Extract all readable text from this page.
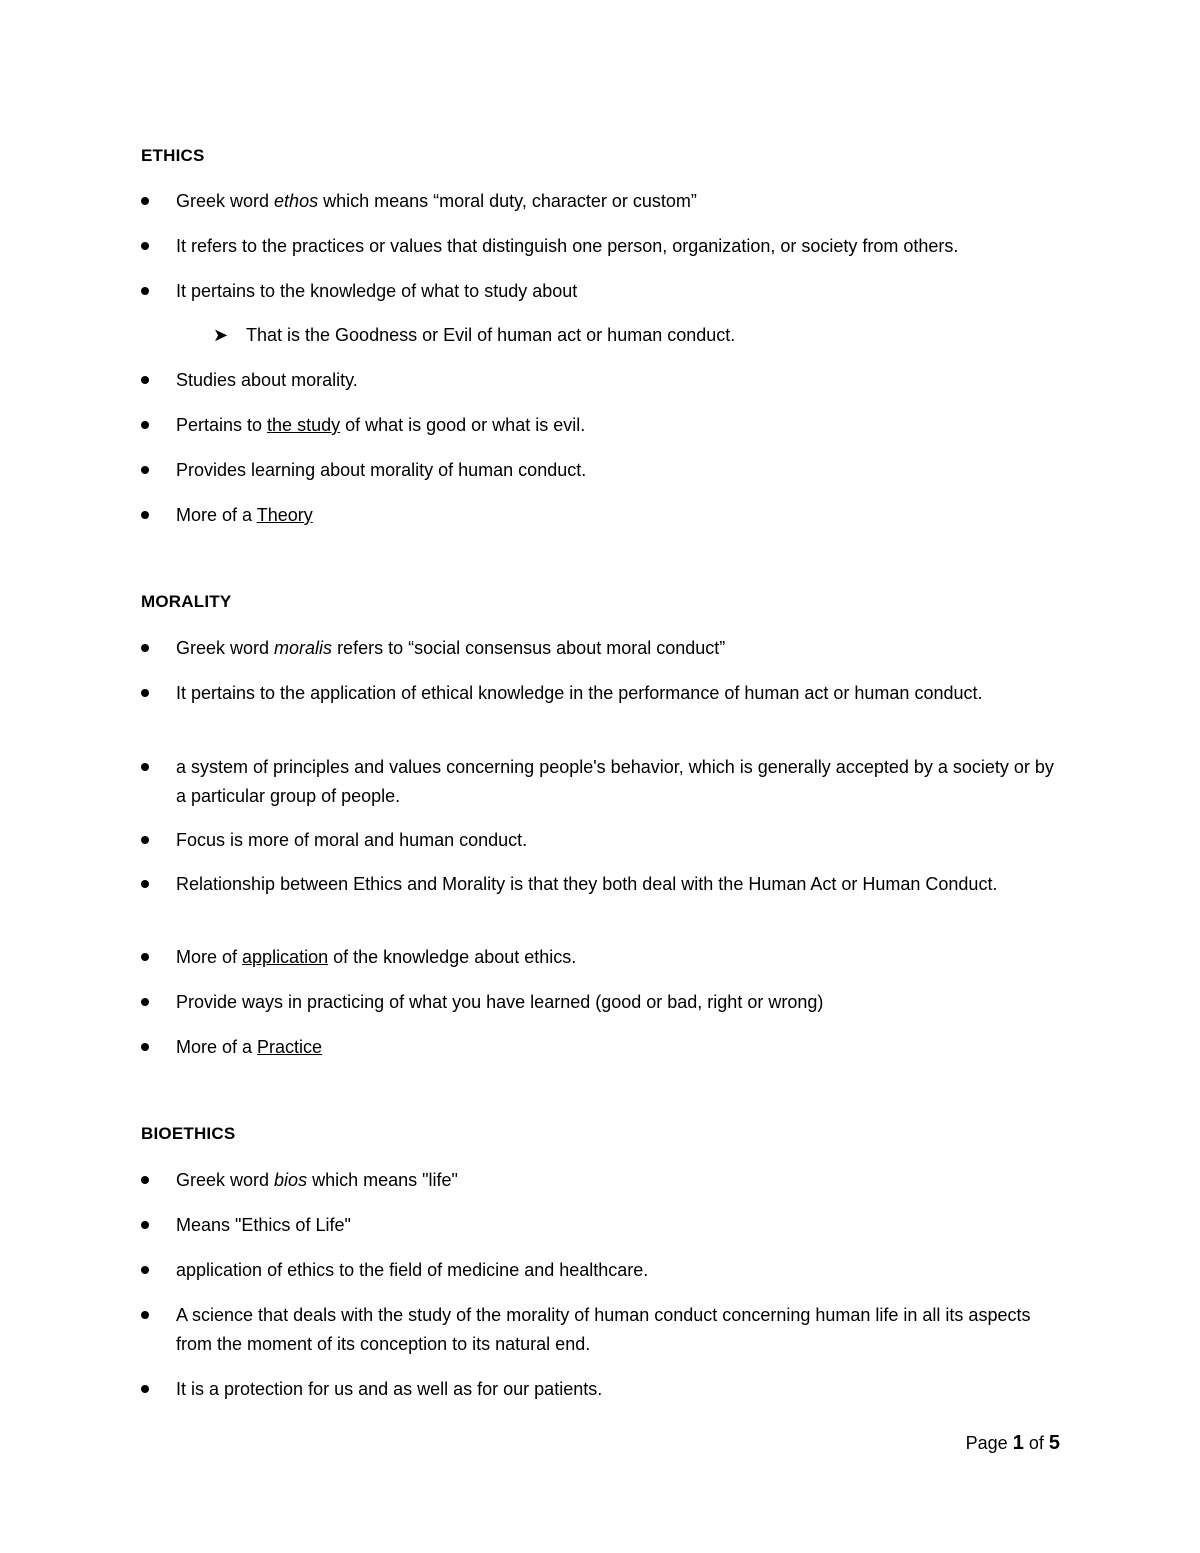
ETHICS
Greek word ethos which means “moral duty, character or custom”
It refers to the practices or values that distinguish one person, organization, or society from others.
It pertains to the knowledge of what to study about
➤ That is the Goodness or Evil of human act or human conduct.
Studies about morality.
Pertains to the study of what is good or what is evil.
Provides learning about morality of human conduct.
More of a Theory
MORALITY
Greek word moralis refers to “social consensus about moral conduct”
It pertains to the application of ethical knowledge in the performance of human act or human conduct.
a system of principles and values concerning people's behavior, which is generally accepted by a society or by a particular group of people.
Focus is more of moral and human conduct.
Relationship between Ethics and Morality is that they both deal with the Human Act or Human Conduct.
More of application of the knowledge about ethics.
Provide ways in practicing of what you have learned (good or bad, right or wrong)
More of a Practice
BIOETHICS
Greek word bios which means "life"
Means "Ethics of Life"
application of ethics to the field of medicine and healthcare.
A science that deals with the study of the morality of human conduct concerning human life in all its aspects from the moment of its conception to its natural end.
It is a protection for us and as well as for our patients.
Page 1 of 5
